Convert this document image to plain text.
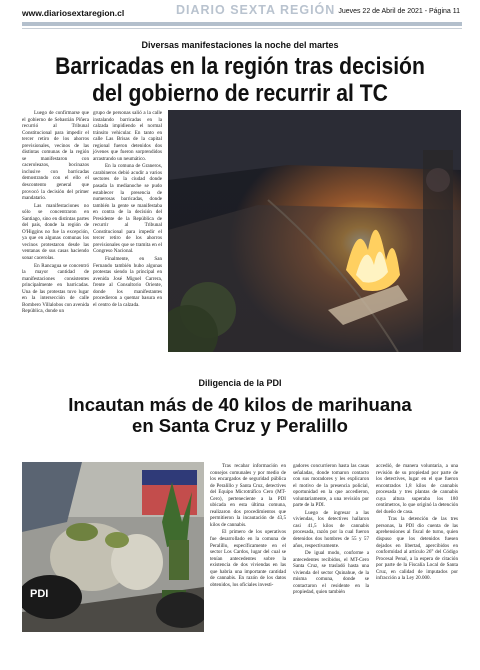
www.diariosextaregion.cl	DIARIO SEXTA REGIÓN Jueves 22 de Abril de 2021 - Página 11
Diversas manifestaciones la noche del martes
Barricadas en la región tras decisión
del gobierno de recurrir al TC

Luego de confirmarse que el gobierno de Sebastián Piñera recurrió al Tribunal Constitucional para impedir el tercer retiro de los ahorros previsionales, vecinos de las distintas comunas de la región se manifestaron con caceroleazos, bocinazos inclusive con barricadas demostrando con el ello el descontento general que provocó la decisión del primer mandatario.

Las manifestaciones no sólo se concentraron en Santiago, sino en distintas partes del país, donde la región de O'Higgins no fue la excepción, ya que en algunas comunas los vecinos protestaron desde las ventanas de sus casas haciendo sonar cacerolas.

En Rancagua se concentró la mayor cantidad de manifestaciones consistentes principalmente en barricadas. Una de las protestas tuvo lugar en la intersección de calle Bombero Villalobos con avenida República, donde un

grupo de personas salió a la calle instalando barricadas en la calzada impidiendo el normal tránsito vehicular. En tanto en calle Las Brisas de la capital regional fueron detenidos dos jóvenes que fueron sorprendidos arrastrando un neumático.

En la comuna de Graneros, carabineros debió acudir a varios sectores de la ciudad donde pasada la medianoche se pudo establecer la presencia de numerosas barricadas, donde también la gente se manifestaba en contra de la decisión del Presidente de la República de recurrir al Tribunal Constitucional para impedir el tercer retiro de los ahorros previsionales que se tramita en el Congreso Nacional.

Finalmente, en San Fernando también hubo algunas protestas siendo la principal en avenida José Miguel Carrera, frente al Consultorio Oriente, donde los manifestantes procedieron a quemar basura en el centro de la calzada.

Diligencia de la PDI
Incautan más de 40 kilos de marihuana
en Santa Cruz y Peralillo
PDI

Tras recabar información en consejos comunales y por medio de los encargados de seguridad pública de Peralillo y Santa Cruz, detectives del Equipo Microtráfico Cero (MT-Cero), perteneciente a la PDI ubicada en esta última comuna, realizaron dos procedimientos que permitieron la incautación de 43,5 kilos de cannabis.

El primero de los operativos fue desarrollado en la comuna de Peralillo, específicamente en el sector Los Cardos, lugar del cual se tenían antecedentes sobre la existencia de dos viviendas en las que habría una importante cantidad de cannabis. En razón de los datos obtenidos, los oficiales investi-

gadores concurrieron hasta las casas señaladas, donde tomaron contacto con sus moradores y les explicaron el motivo de la presencia policial, oportunidad en la que accedieron, voluntariamente, a una revisión por parte de la PDI.

Luego de ingresar a las viviendas, los detectives hallaron casi 41,5 kilos de cannabis procesada, razón por la cual fueron detenidos dos hombres de 55 y 57 años, respectivamente.

De igual modo, conforme a antecedentes recibidos, el MT-Cero Santa Cruz, se trasladó hasta una vivienda del sector Quinahue, de la misma comuna, donde se contactaron el residente en la propiedad, quien también

accedió, de manera voluntaria, a una revisión de su propiedad por parte de los detectives, lugar en el que fueron encontrados 1,8 kilos de cannabis procesada y tres plantas de cannabis cuya altura superaba los 180 centímetros, lo que originó la detención del dueño de casa.

Tras la detención de las tres personas, la PDI dio cuenta de las aprehensiones al fiscal de turno, quien dispuso que los detenidos fuesen dejados en libertad, apercibidos en conformidad al artículo 26° del Código Procesal Penal, a la espera de citación por parte de la Fiscalía Local de Santa Cruz, en calidad de imputados por infracción a la Ley 20.000.
